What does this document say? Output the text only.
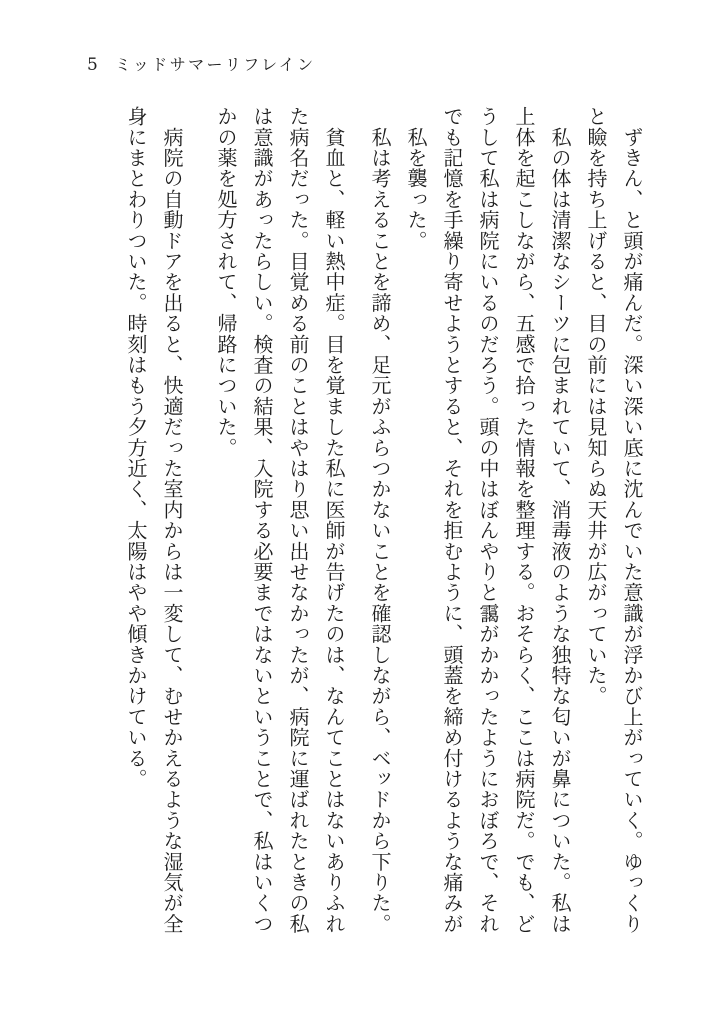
5 ミッドサマーリフレイン
　ずきん、と頭が痛んだ。深い深い底に沈んでいた意識が浮かび上がっていく。ゆっくり
と瞼を持ち上げると、目の前には見知らぬ天井が広がっていた。
　私の体は清潔なシーツに包まれていて、消毒液のような独特な匂いが鼻についた。私は
上体を起こしながら、五感で拾った情報を整理する。おそらく、ここは病院だ。でも、ど
うして私は病院にいるのだろう。頭の中はぼんやりと靄がかかったようにおぼろで、それ
でも記憶を手繰り寄せようとすると、それを拒むように、頭蓋を締め付けるような痛みが
　私を襲った。
　私は考えることを諦め、足元がふらつかないことを確認しながら、ベッドから下りた。
　貧血と、軽い熱中症。目を覚ました私に医師が告げたのは、なんてことはないありふれ
た病名だった。目覚める前のことはやはり思い出せなかったが、病院に運ばれたときの私
は意識があったらしい。検査の結果、入院する必要まではないということで、私はいくつ
かの薬を処方されて、帰路についた。
　病院の自動ドアを出ると、快適だった室内からは一変して、むせかえるような湿気が全
身にまとわりついた。時刻はもう夕方近く、太陽はやや傾きかけている。
